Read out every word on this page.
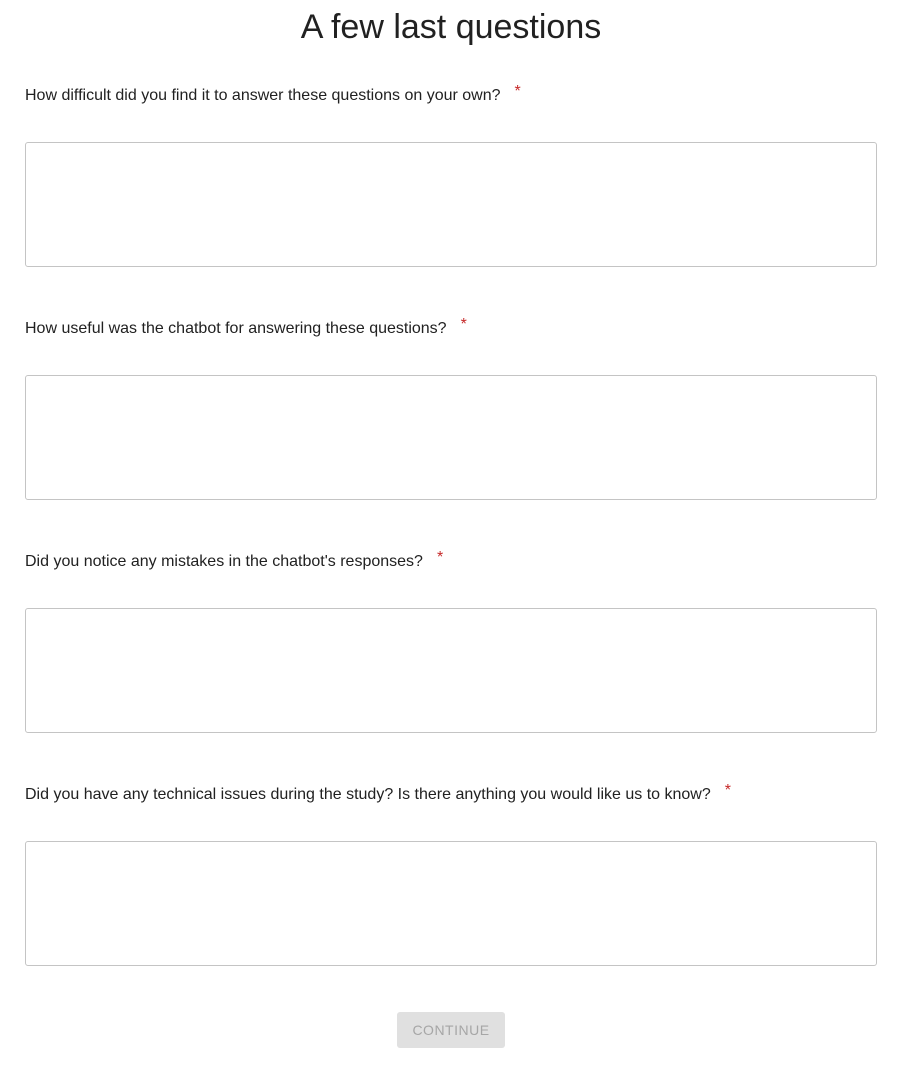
A few last questions
How difficult did you find it to answer these questions on your own? *
How useful was the chatbot for answering these questions? *
Did you notice any mistakes in the chatbot's responses? *
Did you have any technical issues during the study? Is there anything you would like us to know? *
CONTINUE
